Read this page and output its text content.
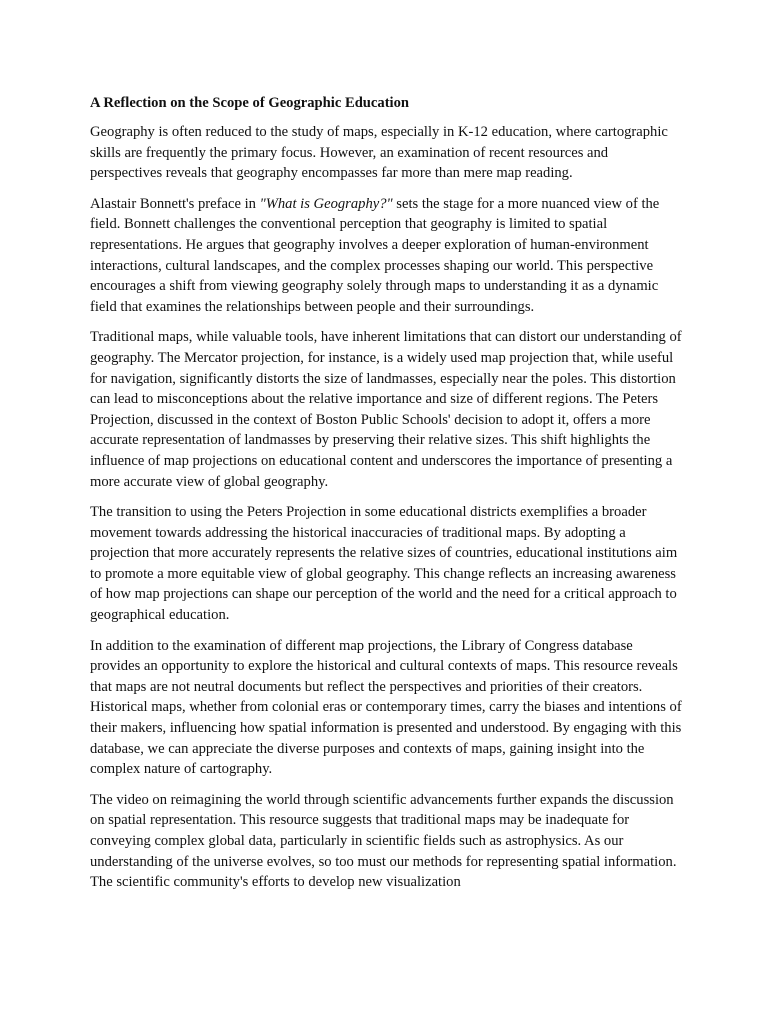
A Reflection on the Scope of Geographic Education

Geography is often reduced to the study of maps, especially in K-12 education, where cartographic skills are frequently the primary focus. However, an examination of recent resources and perspectives reveals that geography encompasses far more than mere map reading.

Alastair Bonnett's preface in "What is Geography?" sets the stage for a more nuanced view of the field. Bonnett challenges the conventional perception that geography is limited to spatial representations. He argues that geography involves a deeper exploration of human-environment interactions, cultural landscapes, and the complex processes shaping our world. This perspective encourages a shift from viewing geography solely through maps to understanding it as a dynamic field that examines the relationships between people and their surroundings.

Traditional maps, while valuable tools, have inherent limitations that can distort our understanding of geography. The Mercator projection, for instance, is a widely used map projection that, while useful for navigation, significantly distorts the size of landmasses, especially near the poles. This distortion can lead to misconceptions about the relative importance and size of different regions. The Peters Projection, discussed in the context of Boston Public Schools' decision to adopt it, offers a more accurate representation of landmasses by preserving their relative sizes. This shift highlights the influence of map projections on educational content and underscores the importance of presenting a more accurate view of global geography.

The transition to using the Peters Projection in some educational districts exemplifies a broader movement towards addressing the historical inaccuracies of traditional maps. By adopting a projection that more accurately represents the relative sizes of countries, educational institutions aim to promote a more equitable view of global geography. This change reflects an increasing awareness of how map projections can shape our perception of the world and the need for a critical approach to geographical education.

In addition to the examination of different map projections, the Library of Congress database provides an opportunity to explore the historical and cultural contexts of maps. This resource reveals that maps are not neutral documents but reflect the perspectives and priorities of their creators. Historical maps, whether from colonial eras or contemporary times, carry the biases and intentions of their makers, influencing how spatial information is presented and understood. By engaging with this database, we can appreciate the diverse purposes and contexts of maps, gaining insight into the complex nature of cartography.

The video on reimagining the world through scientific advancements further expands the discussion on spatial representation. This resource suggests that traditional maps may be inadequate for conveying complex global data, particularly in scientific fields such as astrophysics. As our understanding of the universe evolves, so too must our methods for representing spatial information. The scientific community's efforts to develop new visualization
